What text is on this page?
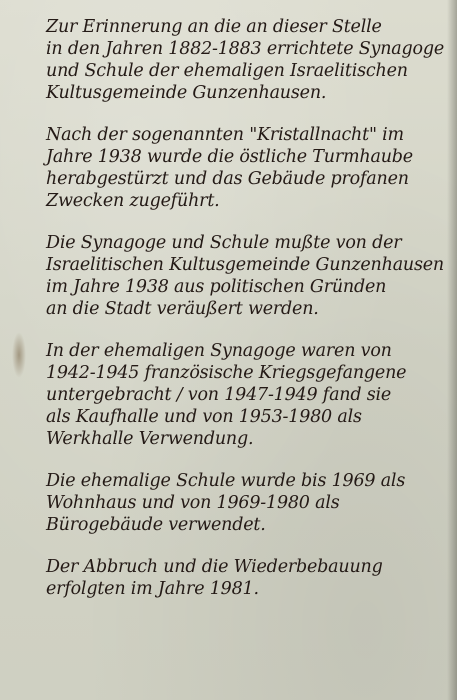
Zur Erinnerung an die an dieser Stelle
in den Jahren 1882-1883 errichtete Synagoge
und Schule der ehemaligen Israelitischen
Kultusgemeinde Gunzenhausen.

Nach der sogenannten "Kristallnacht" im
Jahre 1938 wurde die östliche Turmhaube
herabgestürzt und das Gebäude profanen
Zwecken zugeführt.

Die Synagoge und Schule mußte von der
Israelitischen Kultusgemeinde Gunzenhausen
im Jahre 1938 aus politischen Gründen
an die Stadt veräußert werden.

In der ehemaligen Synagoge waren von
1942-1945 französische Kriegsgefangene
untergebracht / von 1947-1949 fand sie
als Kaufhalle und von 1953-1980 als
Werkhalle Verwendung.

Die ehemalige Schule wurde bis 1969 als
Wohnhaus und von 1969-1980 als
Bürogebäude verwendet.

Der Abbruch und die Wiederbebauung
erfolgten im Jahre 1981.
